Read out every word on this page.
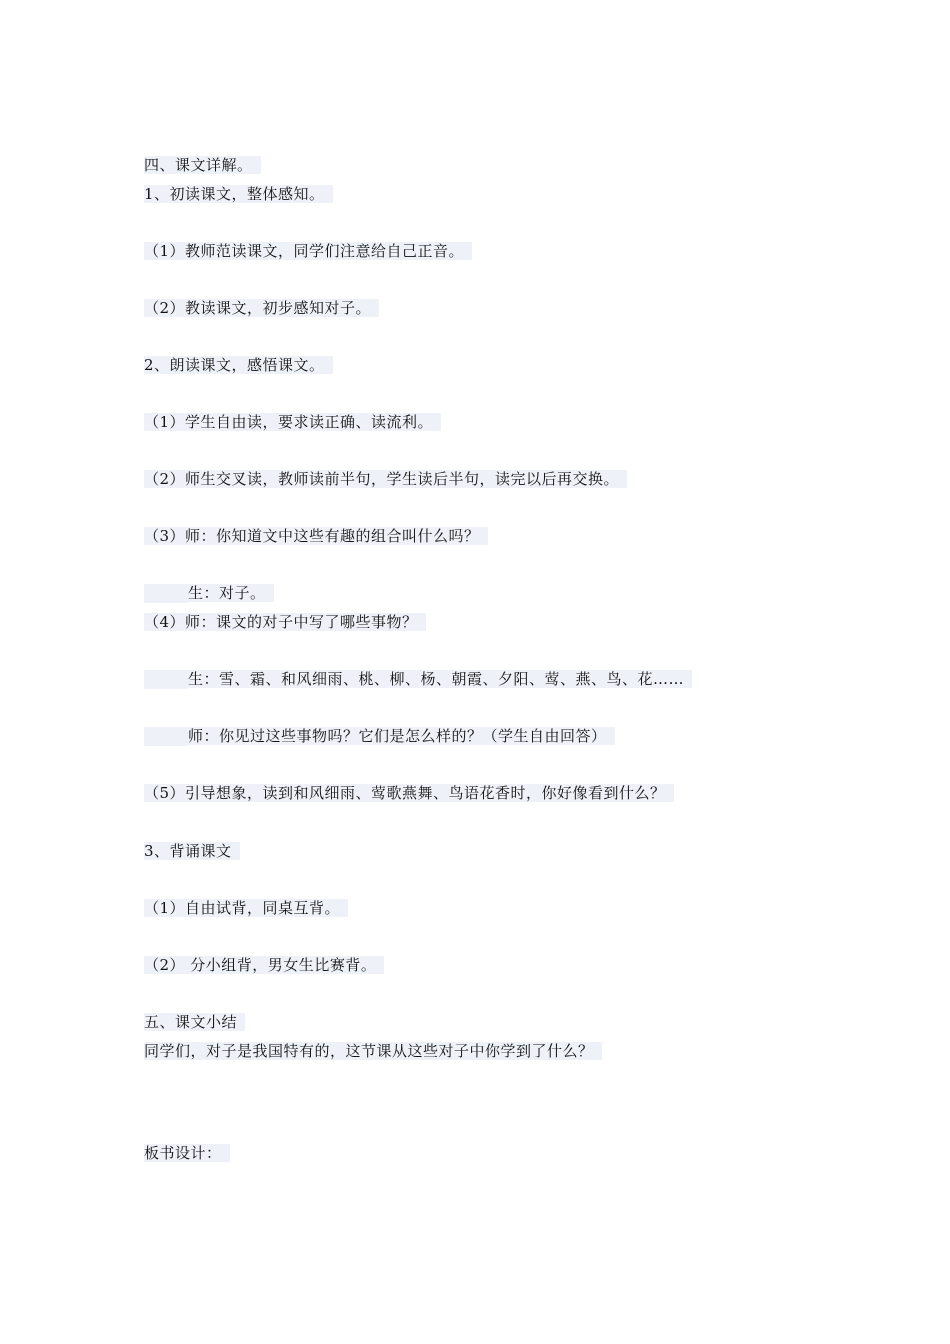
四、课文详解。
1、初读课文，整体感知。
（1）教师范读课文，同学们注意给自己正音。
（2）教读课文，初步感知对子。
2、朗读课文，感悟课文。
（1）学生自由读，要求读正确、读流利。
（2）师生交叉读，教师读前半句，学生读后半句，读完以后再交换。
（3）师：你知道文中这些有趣的组合叫什么吗？
生：对子。
（4）师：课文的对子中写了哪些事物？
生：雪、霜、和风细雨、桃、柳、杨、朝霞、夕阳、莺、燕、鸟、花……
师：你见过这些事物吗？它们是怎么样的？（学生自由回答）
（5）引导想象，读到和风细雨、莺歌燕舞、鸟语花香时，你好像看到什么？
3、背诵课文
（1）自由试背，同桌互背。
（2） 分小组背，男女生比赛背。
五、课文小结
同学们，对子是我国特有的，这节课从这些对子中你学到了什么？
板书设计：
